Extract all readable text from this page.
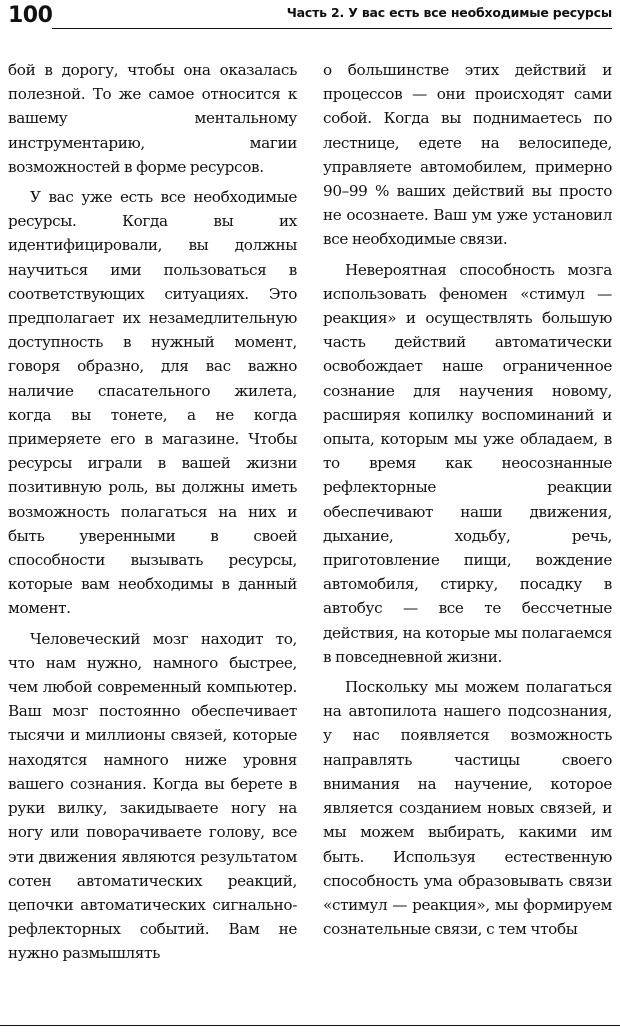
100	Часть 2. У вас есть все необходимые ресурсы

бой в дорогу, чтобы она оказалась полезной. То же самое относится к вашему ментальному инструментарию, магии возможностей в форме ресурсов.

У вас уже есть все необходимые ресурсы. Когда вы их идентифицировали, вы должны научиться ими пользоваться в соответствующих ситуациях. Это предполагает их незамедлительную доступность в нужный момент, говоря образно, для вас важно наличие спасательного жилета, когда вы тонете, а не когда примеряете его в магазине. Чтобы ресурсы играли в вашей жизни позитивную роль, вы должны иметь возможность полагаться на них и быть уверенными в своей способности вызывать ресурсы, которые вам необходимы в данный момент.

Человеческий мозг находит то, что нам нужно, намного быстрее, чем любой современный компьютер. Ваш мозг постоянно обеспечивает тысячи и миллионы связей, которые находятся намного ниже уровня вашего сознания. Когда вы берете в руки вилку, закидываете ногу на ногу или поворачиваете голову, все эти движения являются результатом сотен автоматических реакций, цепочки автоматических сигнально-рефлекторных событий. Вам не нужно размышлять

о большинстве этих действий и процессов — они происходят сами собой. Когда вы поднимаетесь по лестнице, едете на велосипеде, управляете автомобилем, примерно 90–99 % ваших действий вы просто не осознаете. Ваш ум уже установил все необходимые связи.

Невероятная способность мозга использовать феномен «стимул — реакция» и осуществлять большую часть действий автоматически освобождает наше ограниченное сознание для научения новому, расширяя копилку воспоминаний и опыта, которым мы уже обладаем, в то время как неосознанные рефлекторные реакции обеспечивают наши движения, дыхание, ходьбу, речь, приготовление пищи, вождение автомобиля, стирку, посадку в автобус — все те бессчетные действия, на которые мы полагаемся в повседневной жизни.

Поскольку мы можем полагаться на автопилота нашего подсознания, у нас появляется возможность направлять частицы своего внимания на научение, которое является созданием новых связей, и мы можем выбирать, какими им быть. Используя естественную способность ума образовывать связи «стимул — реакция», мы формируем сознательные связи, с тем чтобы
